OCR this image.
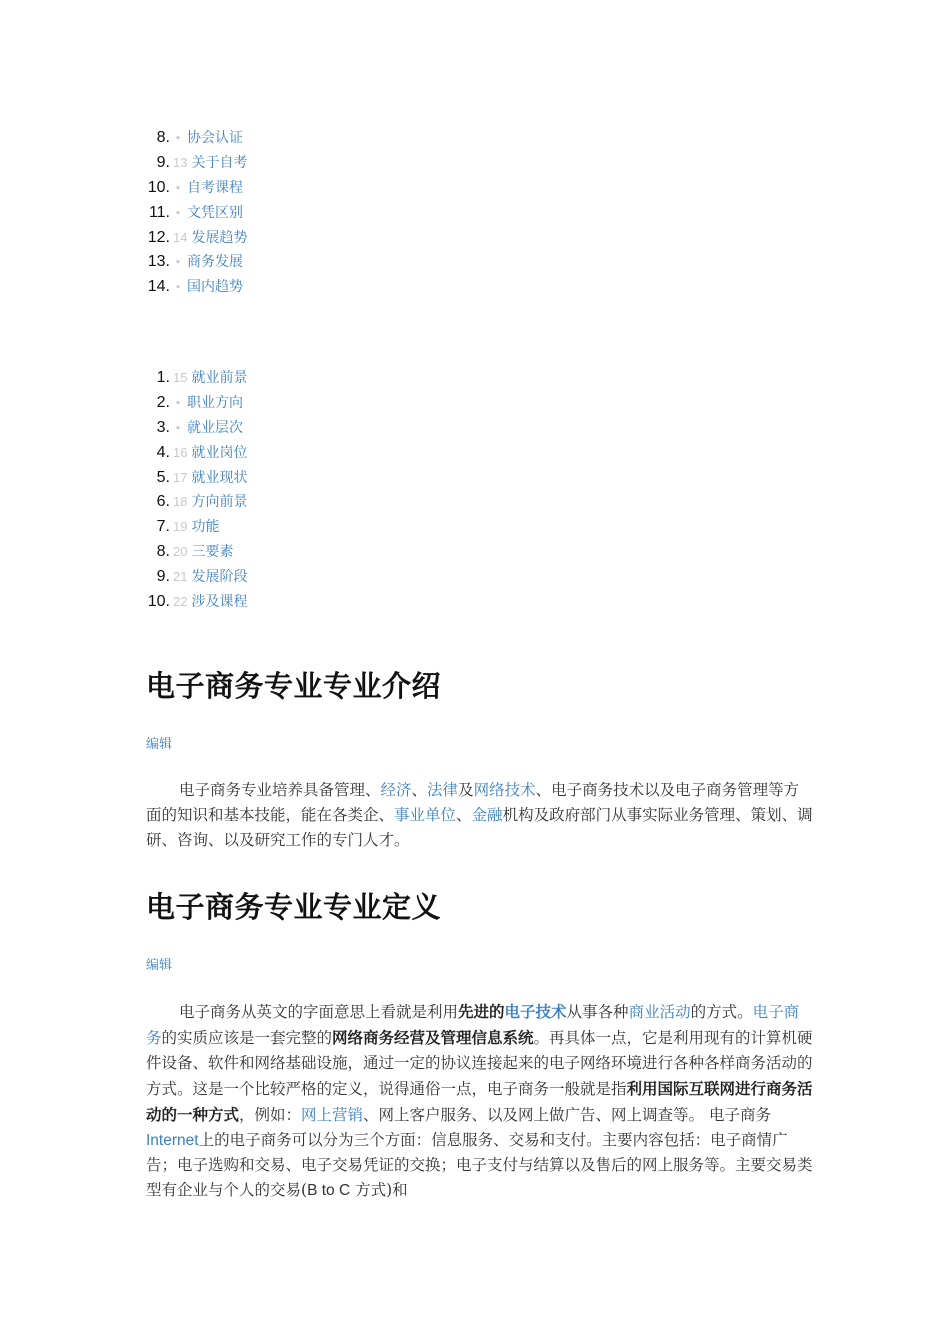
8. • 协会认证
9. 13 关于自考
10. • 自考课程
11. • 文凭区别
12. 14 发展趋势
13. • 商务发展
14. • 国内趋势
1. 15 就业前景
2. • 职业方向
3. • 就业层次
4. 16 就业岗位
5. 17 就业现状
6. 18 方向前景
7. 19 功能
8. 20 三要素
9. 21 发展阶段
10. 22 涉及课程
电子商务专业专业介绍
编辑

电子商务专业培养具备管理、经济、法律及网络技术、电子商务技术以及电子商务管理等方面的知识和基本技能，能在各类企、事业单位、金融机构及政府部门从事实际业务管理、策划、调研、咨询、以及研究工作的专门人才。

电子商务专业专业定义
编辑

电子商务从英文的字面意思上看就是利用先进的电子技术从事各种商业活动的方式。电子商务的实质应该是一套完整的网络商务经营及管理信息系统。再具体一点，它是利用现有的计算机硬件设备、软件和网络基础设施，通过一定的协议连接起来的电子网络环境进行各种各样商务活动的方式。这是一个比较严格的定义，说得通俗一点，电子商务一般就是指利用国际互联网进行商务活动的一种方式，例如：网上营销、网上客户服务、以及网上做广告、网上调查等。 电子商务Internet上的电子商务可以分为三个方面：信息服务、交易和支付。主要内容包括：电子商情广告；电子选购和交易、电子交易凭证的交换；电子支付与结算以及售后的网上服务等。主要交易类型有企业与个人的交易(B to C 方式)和
